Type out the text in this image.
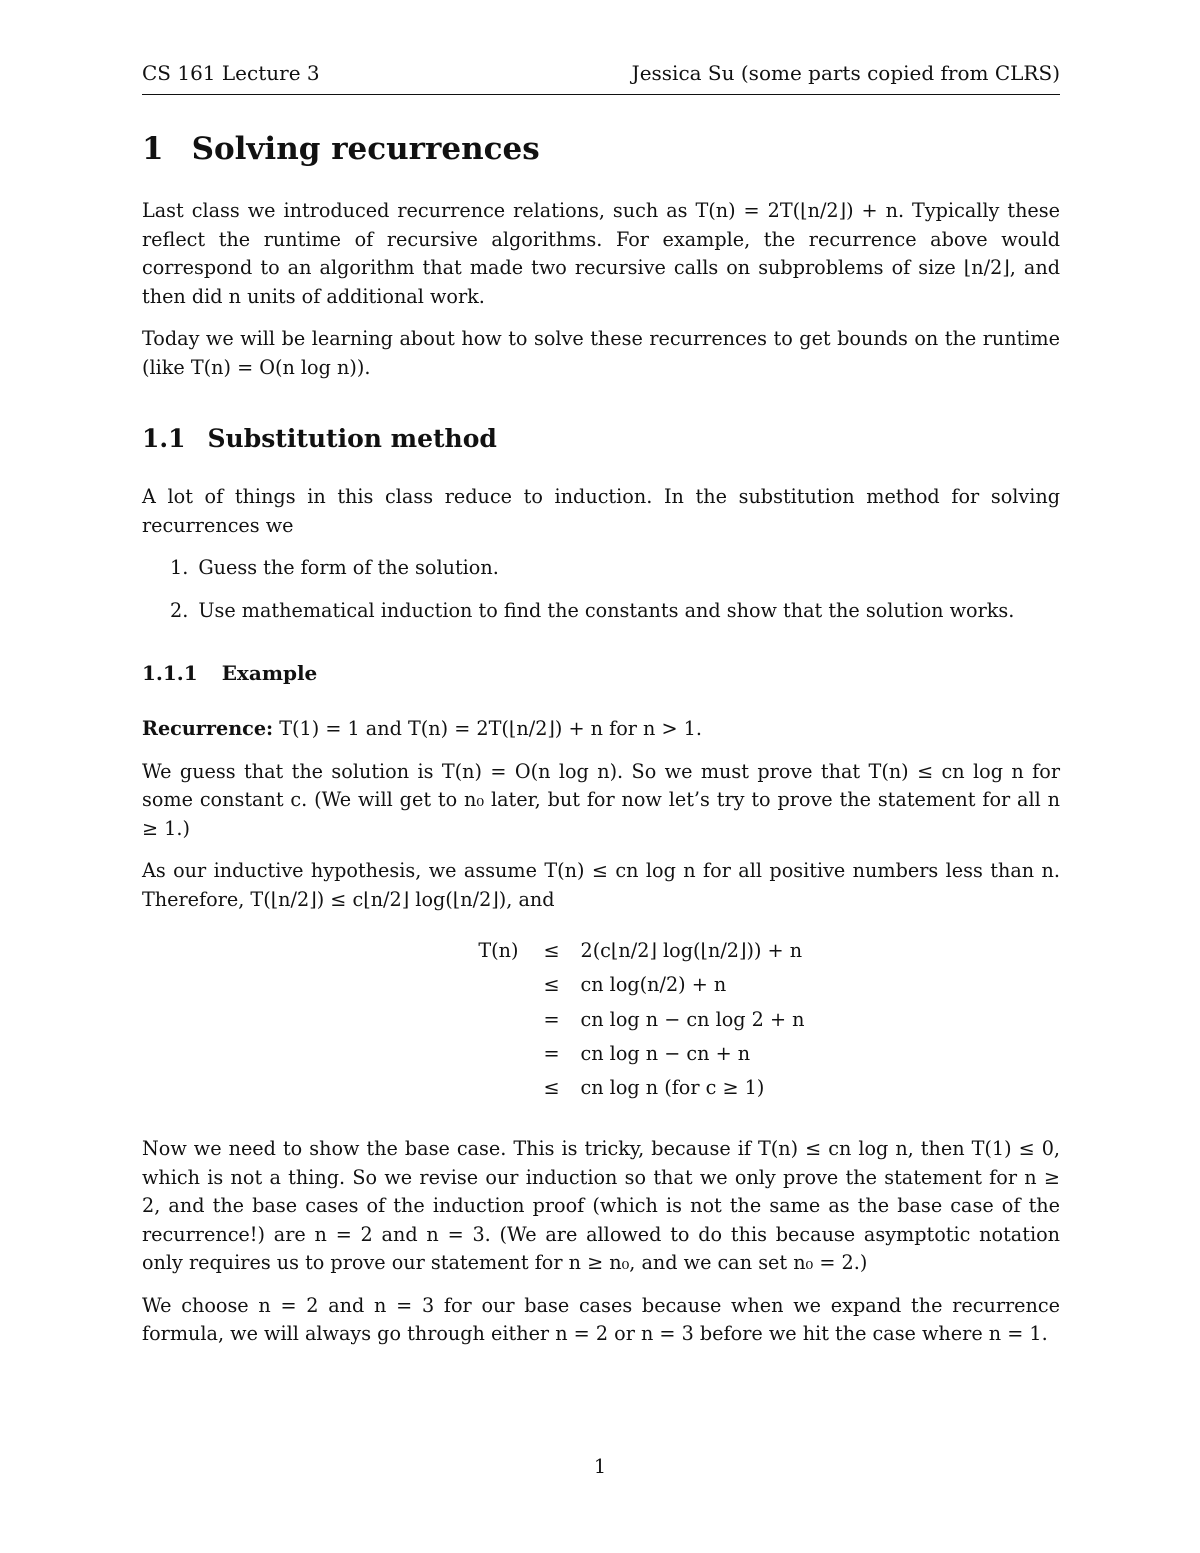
CS 161 Lecture 3	Jessica Su (some parts copied from CLRS)
1 Solving recurrences

Last class we introduced recurrence relations, such as T(n) = 2T(⌊n/2⌋) + n. Typically these reflect the runtime of recursive algorithms. For example, the recurrence above would correspond to an algorithm that made two recursive calls on subproblems of size ⌊n/2⌋, and then did n units of additional work.

Today we will be learning about how to solve these recurrences to get bounds on the runtime (like T(n) = O(n log n)).

1.1 Substitution method

A lot of things in this class reduce to induction. In the substitution method for solving recurrences we

1. Guess the form of the solution.
2. Use mathematical induction to find the constants and show that the solution works.
1.1.1 Example

Recurrence: T(1) = 1 and T(n) = 2T(⌊n/2⌋) + n for n > 1.

We guess that the solution is T(n) = O(n log n). So we must prove that T(n) ≤ cn log n for some constant c. (We will get to n₀ later, but for now let’s try to prove the statement for all n ≥ 1.)

As our inductive hypothesis, we assume T(n) ≤ cn log n for all positive numbers less than n. Therefore, T(⌊n/2⌋) ≤ c⌊n/2⌋ log(⌊n/2⌋), and

T(n)	≤	2(c⌊n/2⌋ log(⌊n/2⌋)) + n
≤	cn log(n/2) + n
=	cn log n − cn log 2 + n
=	cn log n − cn + n
≤	cn log n (for c ≥ 1)

Now we need to show the base case. This is tricky, because if T(n) ≤ cn log n, then T(1) ≤ 0, which is not a thing. So we revise our induction so that we only prove the statement for n ≥ 2, and the base cases of the induction proof (which is not the same as the base case of the recurrence!) are n = 2 and n = 3. (We are allowed to do this because asymptotic notation only requires us to prove our statement for n ≥ n₀, and we can set n₀ = 2.)

We choose n = 2 and n = 3 for our base cases because when we expand the recurrence formula, we will always go through either n = 2 or n = 3 before we hit the case where n = 1.

1
